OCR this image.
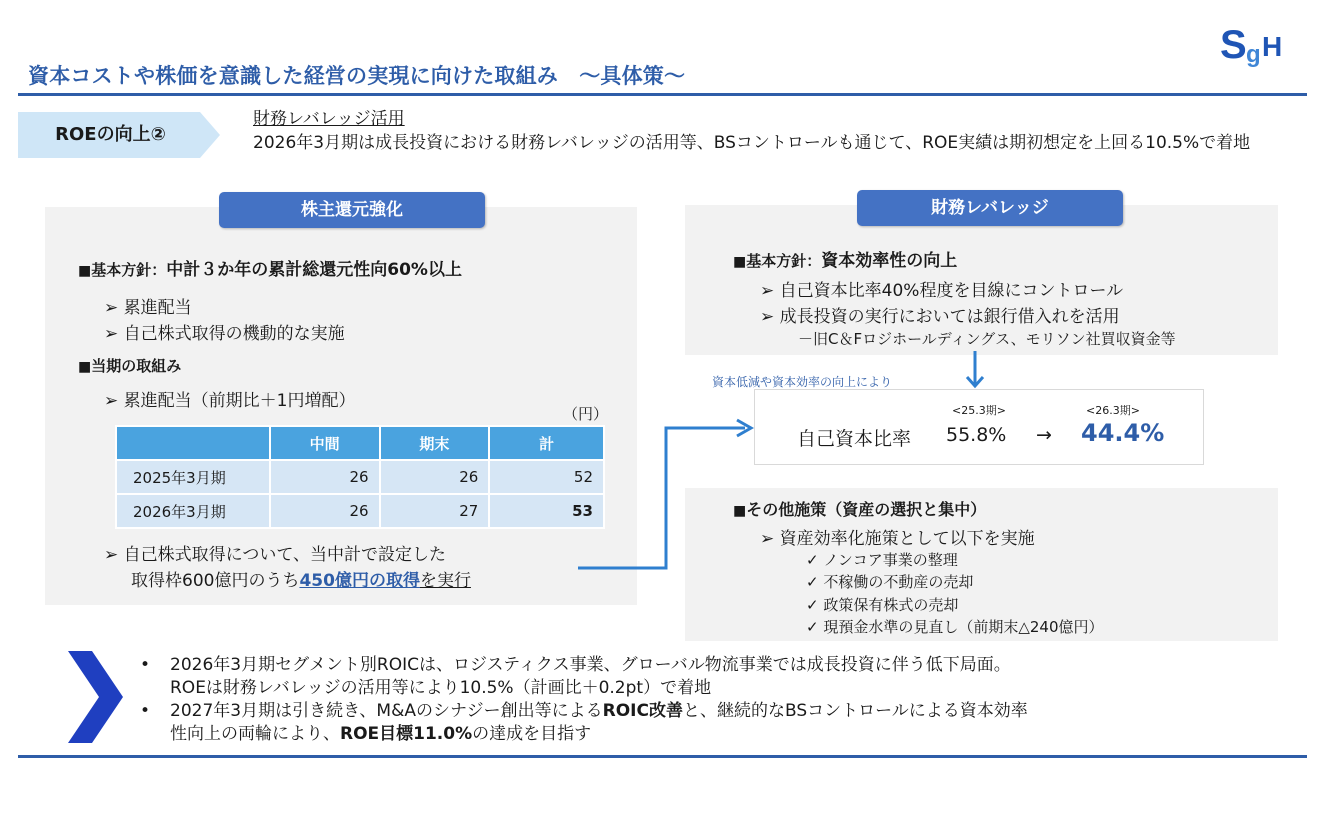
S g H
資本コストや株価を意識した経営の実現に向けた取組み　～具体策～
ROEの向上②
財務レバレッジ活用
2026年3月期は成長投資における財務レバレッジの活用等、BSコントロールも通じて、ROE実績は期初想定を上回る10.5%で着地
株主還元強化
■基本方針：中計３か年の累計総還元性向60%以上
➢ 累進配当
➢ 自己株式取得の機動的な実施
■当期の取組み
➢ 累進配当（前期比＋1円増配）
（円）
	中間	期末	計
2025年3月期	26	26	52
2026年3月期	26	27	53
➢ 自己株式取得について、当中計で設定した
取得枠600億円のうち450億円の取得を実行
財務レバレッジ
■基本方針：資本効率性の向上
➢ 自己資本比率40%程度を目線にコントロール
➢ 成長投資の実行においては銀行借入れを活用
－旧C＆Fロジホールディングス、モリソン社買収資金等
資本低減や資本効率の向上により
<25.3期>	<26.3期>
自己資本比率 55.8% → 44.4%
■その他施策（資産の選択と集中）
➢ 資産効率化施策として以下を実施
✓ ノンコア事業の整理
✓ 不稼働の不動産の売却
✓ 政策保有株式の売却
✓ 現預金水準の見直し（前期末△240億円）
• 2026年3月期セグメント別ROICは、ロジスティクス事業、グローバル物流事業では成長投資に伴う低下局面。
ROEは財務レバレッジの活用等により10.5%（計画比＋0.2pt）で着地
• 2027年3月期は引き続き、M&Aのシナジー創出等によるROIC改善と、継続的なBSコントロールによる資本効率
性向上の両輪により、ROE目標11.0%の達成を目指す
